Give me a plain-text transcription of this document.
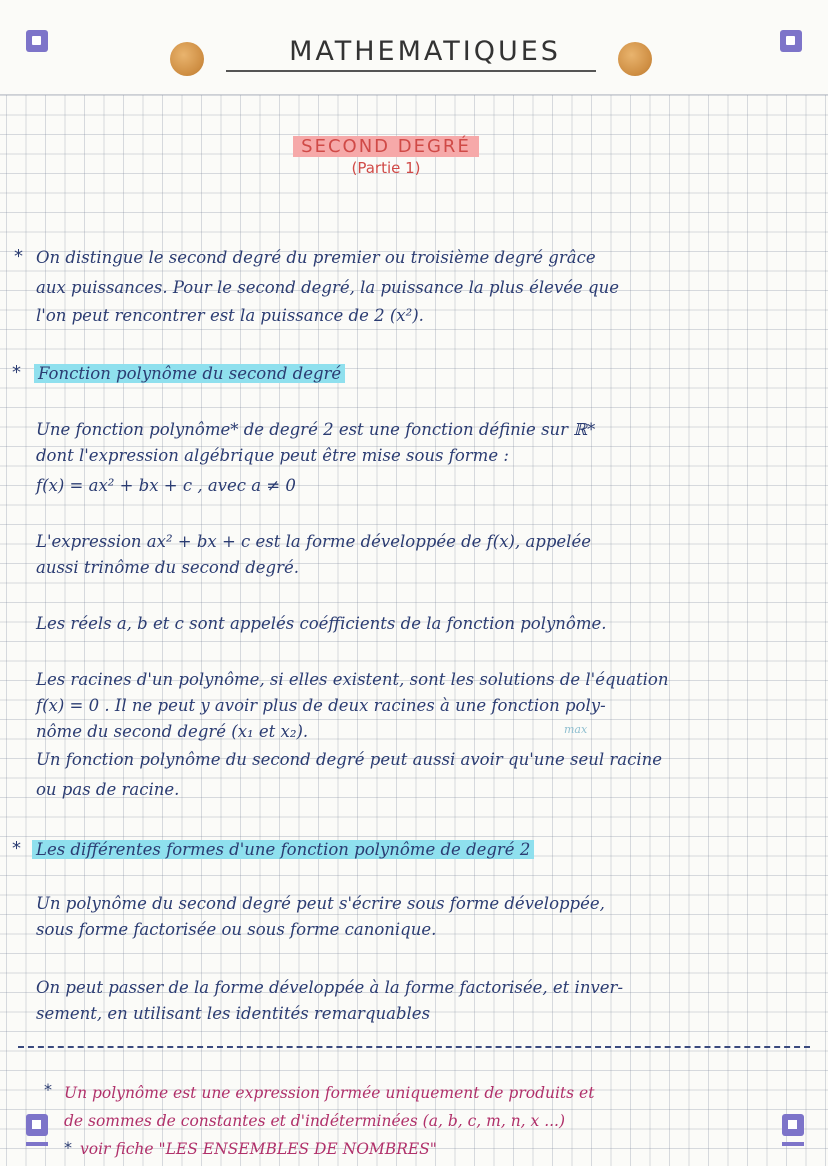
MATHEMATIQUES
SECOND DEGRÉ
(Partie 1)
* On distingue le second degré du premier ou troisième degré grâce
aux puissances. Pour le second degré, la puissance la plus élevée que
l'on peut rencontrer est la puissance de 2 (x²).
* Fonction polynôme du second degré
Une fonction polynôme* de degré 2 est une fonction définie sur ℝ*
dont l'expression algébrique peut être mise sous forme :
f(x) = ax² + bx + c , avec a ≠ 0
L'expression ax² + bx + c est la forme développée de f(x), appelée
aussi trinôme du second degré.
Les réels a, b et c sont appelés coéfficients de la fonction polynôme.
Les racines d'un polynôme, si elles existent, sont les solutions de l'équation
f(x) = 0 . Il ne peut y avoir plus de deux racines à une fonction poly-
nôme du second degré (x₁ et x₂).	max
Un fonction polynôme du second degré peut aussi avoir qu'une seul racine
ou pas de racine.
* Les différentes formes d'une fonction polynôme de degré 2
Un polynôme du second degré peut s'écrire sous forme développée,
sous forme factorisée ou sous forme canonique.
On peut passer de la forme développée à la forme factorisée, et inver-
sement, en utilisant les identités remarquables
* Un polynôme est une expression formée uniquement de produits et
de sommes de constantes et d'indéterminées (a, b, c, m, n, x ...)
* voir fiche "LES ENSEMBLES DE NOMBRES"
